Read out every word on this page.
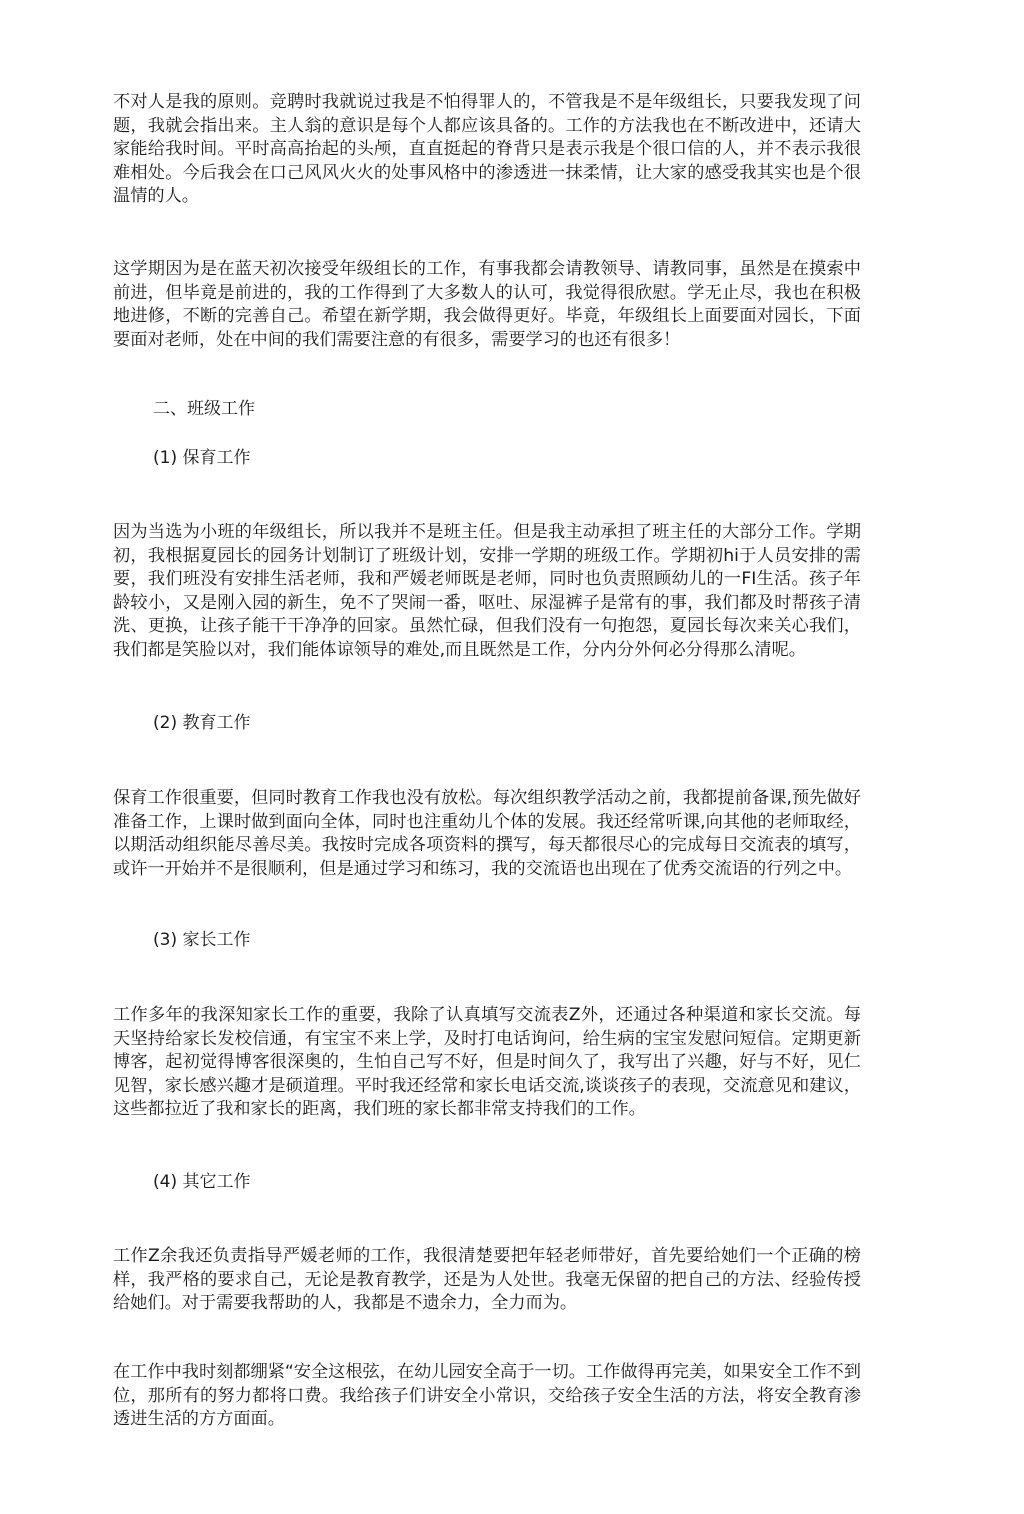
不对人是我的原则。竞聘时我就说过我是不怕得罪人的，不管我是不是年级组长，只要我发现了问题，我就会指出来。主人翁的意识是每个人都应该具备的。工作的方法我也在不断改进中，还请大家能给我时间。平时高高抬起的头颅，直直挺起的脊背只是表示我是个很口信的人，并不表示我很难相处。今后我会在口己风风火火的处事风格中的渗透进一抹柔情，让大家的感受我其实也是个很温情的人。

这学期因为是在蓝天初次接受年级组长的工作，有事我都会请教领导、请教同事，虽然是在摸索中前进，但毕竟是前进的，我的工作得到了大多数人的认可，我觉得很欣慰。学无止尽，我也在积极地进修，不断的完善自己。希望在新学期，我会做得更好。毕竟，年级组长上面要面对园长，下面要面对老师，处在中间的我们需要注意的有很多，需要学习的也还有很多！

二、班级工作

(1) 保育工作

因为当选为小班的年级组长，所以我并不是班主任。但是我主动承担了班主任的大部分工作。学期初，我根据夏园长的园务计划制订了班级计划，安排一学期的班级工作。学期初hi于人员安排的需要，我们班没有安排生活老师，我和严媛老师既是老师，同时也负责照顾幼儿的一FI生活。孩子年龄较小，又是刚入园的新生，免不了哭闹一番，呕吐、尿湿裤子是常有的事，我们都及时帮孩子清洗、更换，让孩子能干干净净的回家。虽然忙碌，但我们没有一句抱怨，夏园长每次来关心我们，我们都是笑脸以对，我们能体谅领导的难处,而且既然是工作，分内分外何必分得那么清呢。

(2) 教育工作

保育工作很重要，但同时教育工作我也没有放松。每次组织教学活动之前，我都提前备课,预先做好准备工作，上课时做到面向全体，同时也注重幼儿个体的发展。我还经常听课,向其他的老师取经，以期活动组织能尽善尽美。我按时完成各项资料的撰写，每天都很尽心的完成每日交流表的填写，或许一开始并不是很顺利，但是通过学习和练习，我的交流语也出现在了优秀交流语的行列之中。

(3) 家长工作

工作多年的我深知家长工作的重要，我除了认真填写交流表Z外，还通过各种渠道和家长交流。每天坚持给家长发校信通，有宝宝不来上学，及时打电话询问，给生病的宝宝发慰问短信。定期更新博客，起初觉得博客很深奥的，生怕自己写不好，但是时间久了，我写出了兴趣，好与不好，见仁见智，家长感兴趣才是硕道理。平时我还经常和家长电话交流,谈谈孩子的表现，交流意见和建议，这些都拉近了我和家长的距离，我们班的家长都非常支持我们的工作。

(4) 其它工作

工作Z余我还负责指导严媛老师的工作，我很清楚要把年轻老师带好，首先要给她们一个正确的榜样，我严格的要求自己，无论是教育教学，还是为人处世。我毫无保留的把自己的方法、经验传授给她们。对于需要我帮助的人，我都是不遗余力，全力而为。

在工作中我时刻都绷紧“安全这根弦，在幼儿园安全高于一切。工作做得再完美，如果安全工作不到位，那所有的努力都将口费。我给孩子们讲安全小常识，交给孩子安全生活的方法，将安全教育渗透进生活的方方面面。
